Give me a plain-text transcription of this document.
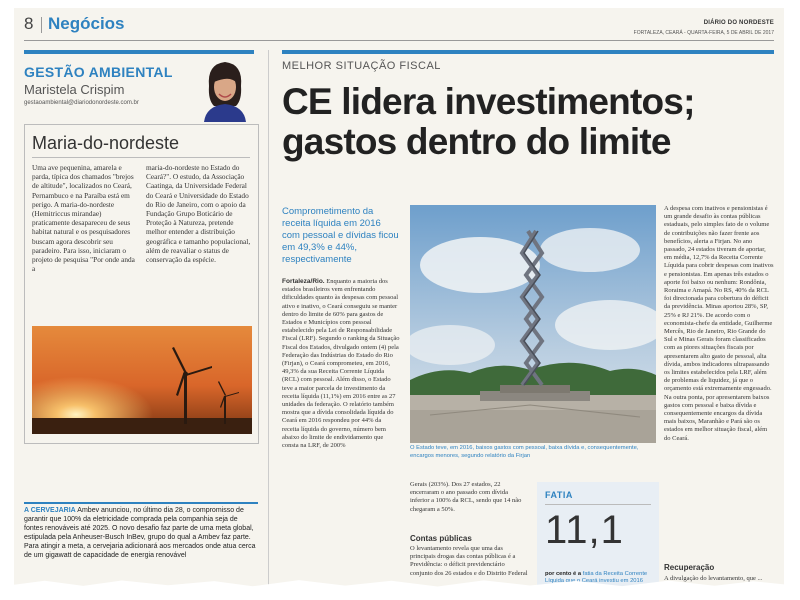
8 Negócios	DIÁRIO DO NORDESTE
FORTALEZA, CEARÁ - QUARTA-FEIRA, 5 DE ABRIL DE 2017
GESTÃO AMBIENTAL
Maristela Crispim
gestaoambiental@diariodonordeste.com.br
Maria-do-nordeste
Uma ave pequenina, amarela e parda, típica dos chamados "brejos de altitude", localizados no Ceará, Pernambuco e na Paraíba está em perigo. A maria-do-nordeste (Hemitriccus mirandae) praticamente desapareceu de seus habitat natural e os pesquisadores buscam agora descobrir seu paradeiro. Para isso, iniciaram o projeto de pesquisa "Por onde anda a
maria-do-nordeste no Estado do Ceará?". O estudo, da Associação Caatinga, da Universidade Federal do Ceará e Universidade do Estado do Rio de Janeiro, com o apoio da Fundação Grupo Boticário de Proteção à Natureza, pretende melhor entender a distribuição geográfica e tamanho populacional, além de reavaliar o status de conservação da espécie.
A CERVEJARIA Ambev anunciou, no último dia 28, o compromisso de garantir que 100% da eletricidade comprada pela companhia seja de fontes renováveis até 2025. O novo desafio faz parte de uma meta global, estipulada pela Anheuser-Busch InBev, grupo do qual a Ambev faz parte. Para atingir a meta, a cervejaria adicionará aos mercados onde atua cerca de um gigawatt de capacidade de energia renovável
MELHOR SITUAÇÃO FISCAL
CE lidera investimentos; gastos dentro do limite
Comprometimento da receita líquida em 2016 com pessoal e dívidas ficou em 49,3% e 44%, respectivamente
Fortaleza/Rio. Enquanto a maioria dos estados brasileiros vem enfrentando dificuldades quanto às despesas com pessoal ativo e inativo, o Ceará conseguiu se manter dentro do limite de 60% para gastos de Estados e Municípios com pessoal estabelecido pela Lei de Responsabilidade Fiscal (LRF). Segundo o ranking da Situação Fiscal dos Estados, divulgado ontem (4) pela Federação das Indústrias do Estado do Rio (Firjan), o Ceará comprometeu, em 2016, 49,3% da sua Receita Corrente Líquida (RCL) com pessoal. Além disso, o Estado teve a maior parcela de investimento da receita líquida (11,1%) em 2016 entre as 27 unidades da federação. O relatório também mostra que a dívida consolidada líquida do Ceará em 2016 respondeu por 44% da receita líquida do governo, número bem abaixo do limite de endividamento que consta na LRF, de 200%	O Estado teve, em 2016, baixos gastos com pessoal, baixa dívida e, consequentemente, encargos menores, segundo relatório da Firjan
Gerais (203%). Dos 27 estados, 22 encerraram o ano passado com dívida inferior a 100% da RCL, sendo que 14 não chegaram a 50%.
Contas públicas
O levantamento revela que uma das principais drogas das contas públicas é a Previdência: o déficit previdenciário conjunto dos 26 estados e do Distrito Federal
FATIA
11,1
por cento é a fatia da Receita Corrente Líquida que o Ceará investiu em 2016
A despesa com inativos e pensionistas é um grande desafio às contas públicas estaduais, pelo simples fato de o volume de contribuições não fazer frente aos benefícios, alerta a Firjan. No ano passado, 24 estados tiveram de aportar, em média, 12,7% da Receita Corrente Líquida para cobrir despesas com inativos e pensionistas. Em apenas três estados o aporte foi baixo ou nenhum: Rondônia, Roraima e Amapá. No RS, 40% da RCL foi direcionada para cobertura do déficit da previdência. Minas aportou 28%, SP, 25% e RJ 21%. De acordo com o economista-chefe da entidade, Guilherme Mercês, Rio de Janeiro, Rio Grande do Sul e Minas Gerais foram classificados com as piores situações fiscais por apresentarem alto gasto de pessoal, alta dívida, ambos indicadores ultrapassando os limites estabelecidos pela LRF, além de problemas de liquidez, já que o orçamento está extremamente engessado. Na outra ponta, por apresentarem baixos gastos com pessoal e baixa dívida e consequentemente encargos da dívida mais baixos, Maranhão e Pará são os estados em melhor situação fiscal, além do Ceará.
Recuperação
A divulgação do levantamento, que ...
